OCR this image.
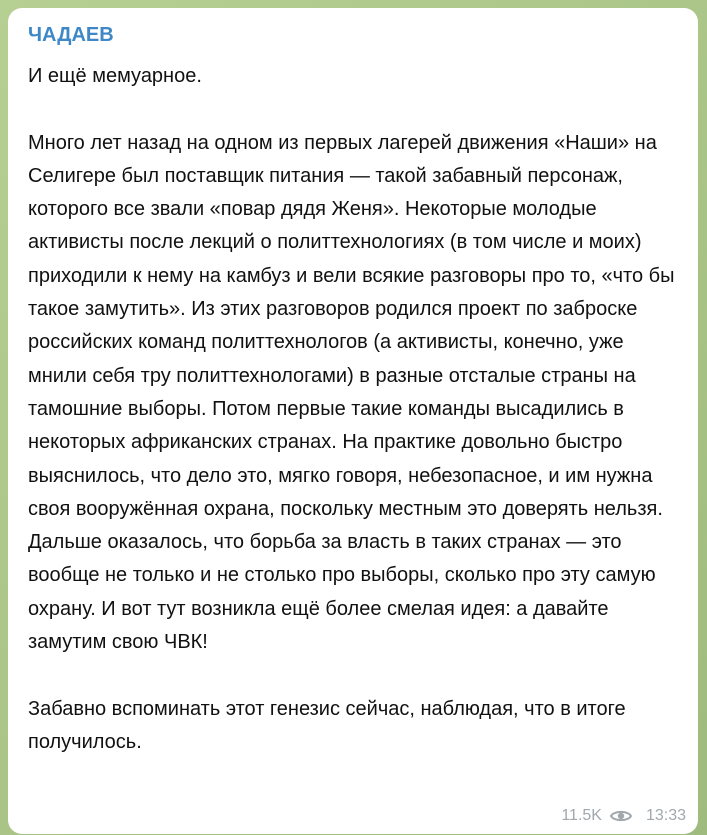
ЧАДАЕВ
И ещё мемуарное.
Много лет назад на одном из первых лагерей движения «Наши» на Селигере был поставщик питания — такой забавный персонаж, которого все звали «повар дядя Женя». Некоторые молодые активисты после лекций о политтехнологиях (в том числе и моих) приходили к нему на камбуз и вели всякие разговоры про то, «что бы такое замутить». Из этих разговоров родился проект по заброске российских команд политтехнологов (а активисты, конечно, уже мнили себя тру политтехнологами) в разные отсталые страны на тамошние выборы. Потом первые такие команды высадились в некоторых африканских странах. На практике довольно быстро выяснилось, что дело это, мягко говоря, небезопасное, и им нужна своя вооружённая охрана, поскольку местным это доверять нельзя. Дальше оказалось, что борьба за власть в таких странах — это вообще не только и не столько про выборы, сколько про эту самую охрану. И вот тут возникла ещё более смелая идея: а давайте замутим свою ЧВК!
Забавно вспоминать этот генезис сейчас, наблюдая, что в итоге получилось.
11.5K	13:33
